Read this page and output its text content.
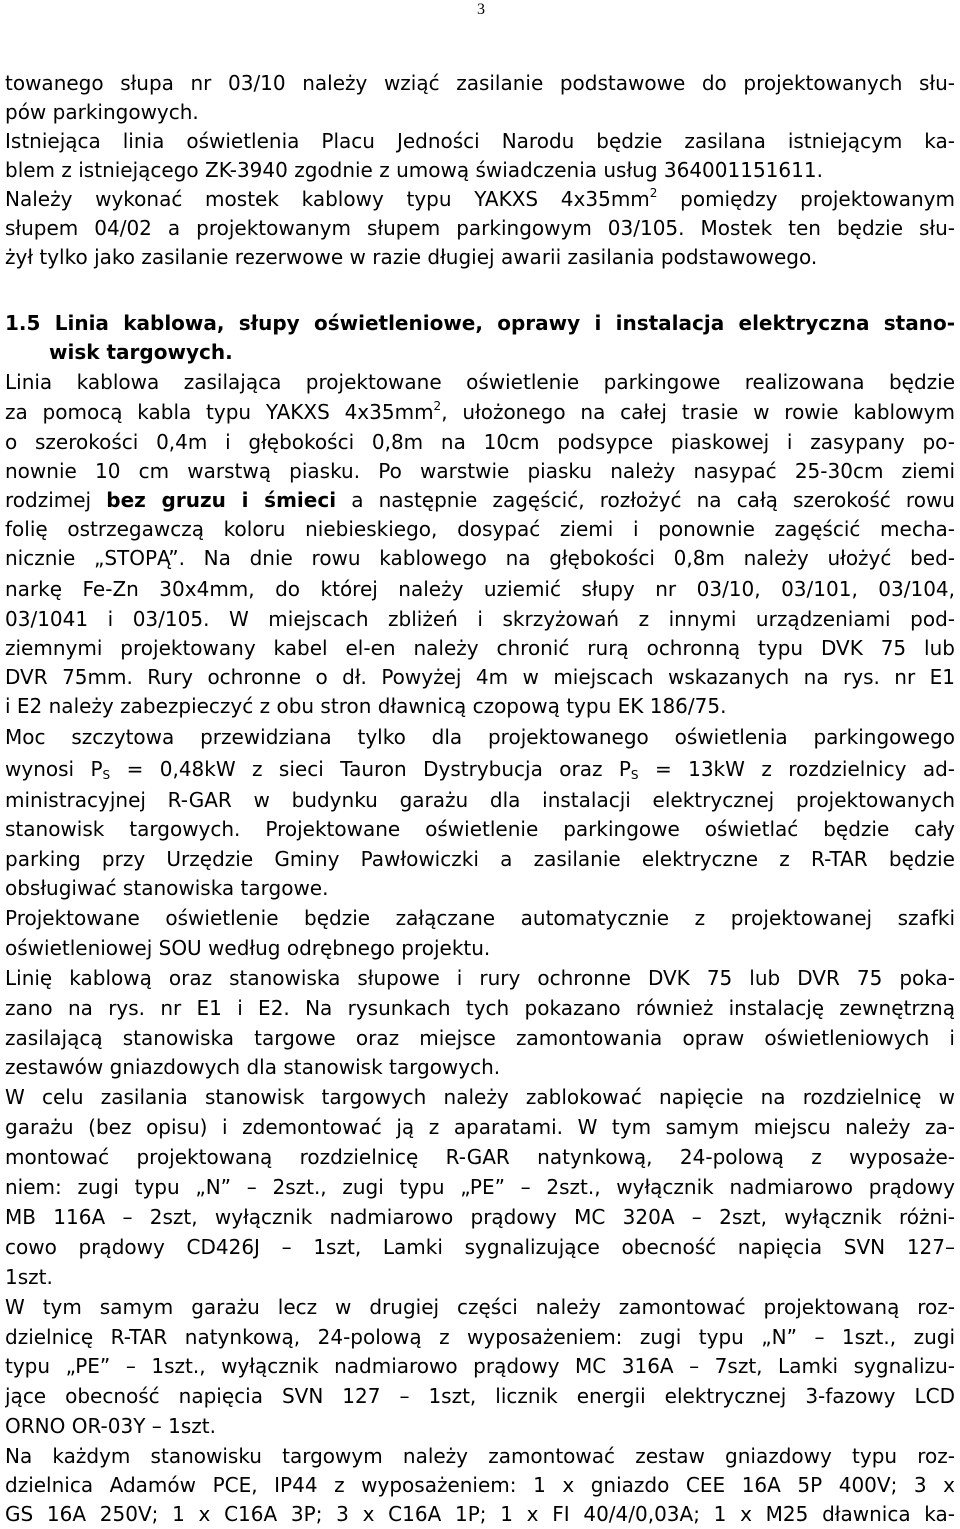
3
towanego słupa nr 03/10 należy wziąć zasilanie podstawowe do projektowanych słu-
pów parkingowych.
Istniejąca linia oświetlenia Placu Jedności Narodu będzie zasilana istniejącym ka-
blem z istniejącego ZK-3940 zgodnie z umową świadczenia usług 364001151611.
Należy wykonać mostek kablowy typu YAKXS $4x35mm^2$ pomiędzy projektowanym
słupem 04/02 a projektowanym słupem parkingowym 03/105. Mostek ten będzie słu-
żył tylko jako zasilanie rezerwowe w razie długiej awarii zasilania podstawowego.
1.5 Linia kablowa, słupy oświetleniowe, oprawy i instalacja elektryczna stano-
wisk targowych.
Linia kablowa zasilająca projektowane oświetlenie parkingowe realizowana będzie
za pomocą kabla typu YAKXS $4x35mm^2$, ułożonego na całej trasie w rowie kablowym
o szerokości 0,4m i głębokości 0,8m na 10cm podsypce piaskowej i zasypany po-
nownie 10 cm warstwą piasku. Po warstwie piasku należy nasypać 25-30cm ziemi
rodzimej bez gruzu i śmieci a następnie zagęścić, rozłożyć na całą szerokość rowu
folię ostrzegawczą koloru niebieskiego, dosypać ziemi i ponownie zagęścić mecha-
nicznie „STOPĄ”. Na dnie rowu kablowego na głębokości 0,8m należy ułożyć bed-
narkę Fe-Zn 30x4mm, do której należy uziemić słupy nr 03/10, 03/101, 03/104,
03/1041 i 03/105. W miejscach zbliżeń i skrzyżowań z innymi urządzeniami pod-
ziemnymi projektowany kabel el-en należy chronić rurą ochronną typu DVK 75 lub
DVR 75mm. Rury ochronne o dł. Powyżej 4m w miejscach wskazanych na rys. nr E1
i E2 należy zabezpieczyć z obu stron dławnicą czopową typu EK 186/75.
Moc szczytowa przewidziana tylko dla projektowanego oświetlenia parkingowego
wynosi $P_S = 0,48kW$ z sieci Tauron Dystrybucja oraz $P_S = 13kW$ z rozdzielnicy ad-
ministracyjnej R-GAR w budynku garażu dla instalacji elektrycznej projektowanych
stanowisk targowych. Projektowane oświetlenie parkingowe oświetlać będzie cały
parking przy Urzędzie Gminy Pawłowiczki a zasilanie elektryczne z R-TAR będzie
obsługiwać stanowiska targowe.
Projektowane oświetlenie będzie załączane automatycznie z projektowanej szafki
oświetleniowej SOU według odrębnego projektu.
Linię kablową oraz stanowiska słupowe i rury ochronne DVK 75 lub DVR 75 poka-
zano na rys. nr E1 i E2. Na rysunkach tych pokazano również instalację zewnętrzną
zasilającą stanowiska targowe oraz miejsce zamontowania opraw oświetleniowych i
zestawów gniazdowych dla stanowisk targowych.
W celu zasilania stanowisk targowych należy zablokować napięcie na rozdzielnicę w
garażu (bez opisu) i zdemontować ją z aparatami. W tym samym miejscu należy za-
montować projektowaną rozdzielnicę R-GAR natynkową, 24-polową z wyposaże-
niem: zugi typu „N” – 2szt., zugi typu „PE” – 2szt., wyłącznik nadmiarowo prądowy
MB 116A – 2szt, wyłącznik nadmiarowo prądowy MC 320A – 2szt, wyłącznik różni-
cowo prądowy CD426J – 1szt, Lamki sygnalizujące obecność napięcia SVN 127–
1szt.
W tym samym garażu lecz w drugiej części należy zamontować projektowaną roz-
dzielnicę R-TAR natynkową, 24-polową z wyposażeniem: zugi typu „N” – 1szt., zugi
typu „PE” – 1szt., wyłącznik nadmiarowo prądowy MC 316A – 7szt, Lamki sygnalizu-
jące obecność napięcia SVN 127 – 1szt, licznik energii elektrycznej 3-fazowy LCD
ORNO OR-03Y – 1szt.
Na każdym stanowisku targowym należy zamontować zestaw gniazdowy typu roz-
dzielnica Adamów PCE, IP44 z wyposażeniem: 1 x gniazdo CEE 16A 5P 400V; 3 x
GS 16A 250V; 1 x C16A 3P; 3 x C16A 1P; 1 x FI 40/4/0,03A; 1 x M25 dławnica ka-
